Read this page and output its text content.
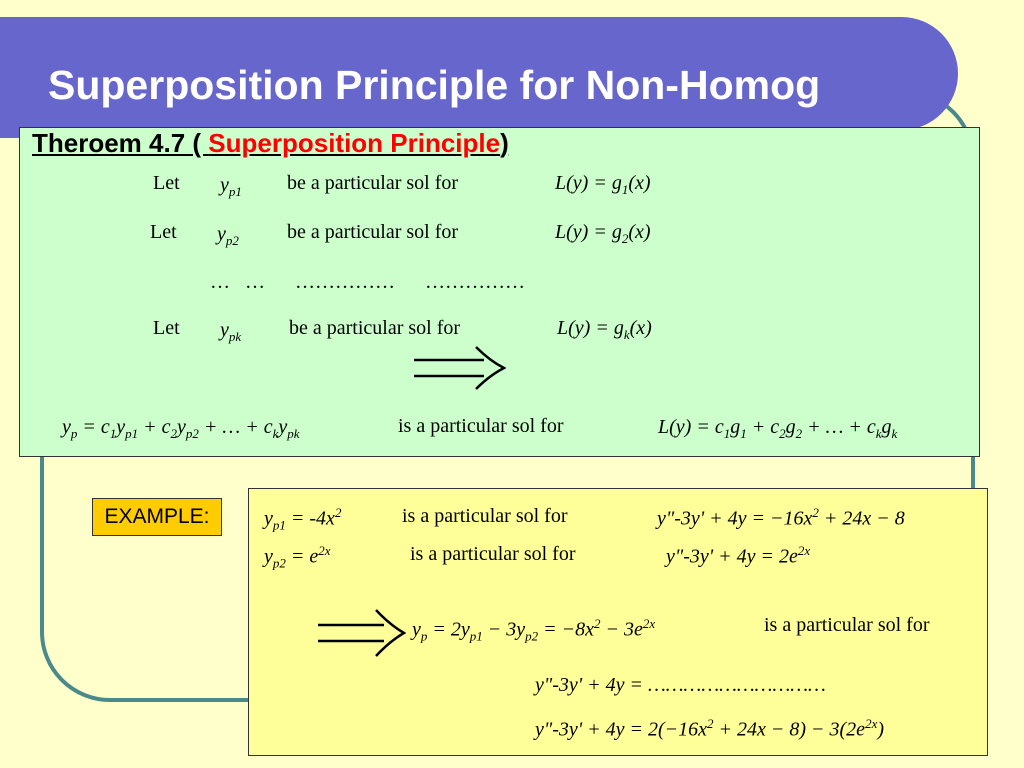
Superposition Principle for Non-Homog
Theroem 4.7 ( Superposition Principle)
Let $y_{p1}$ be a particular sol for	$L(y) = g_1(x)$
Let $y_{p2}$ be a particular sol for	$L(y) = g_2(x)$
…   …      ……………      ……………
Let $y_{pk}$ be a particular sol for	$L(y) = g_k(x)$
$y_p = c_1y_{p1} + c_2y_{p2}$ + … + $c_ky_{pk}$	is a particular sol for	$L(y) = c_1g_1 + c_2g_2$ + … + $c_kg_k$
EXAMPLE:	$y_{p1} = -4x^2$	is a particular sol for	y"-3y' + $4y = -16x^2 + 24x - 8$
$y_{p2} = e^{2x}$	is a particular sol for	y"-3y' + $4y = 2e^{2x}$
$y_p = 2y_{p1} - 3y_{p2} = -8x^2 - 3e^{2x}$	is a particular sol for
y"-3y' + 4y = …………………………
y"-3y' + $4y = 2(-16x^2 + 24x - 8) - 3(2e^{2x})$
